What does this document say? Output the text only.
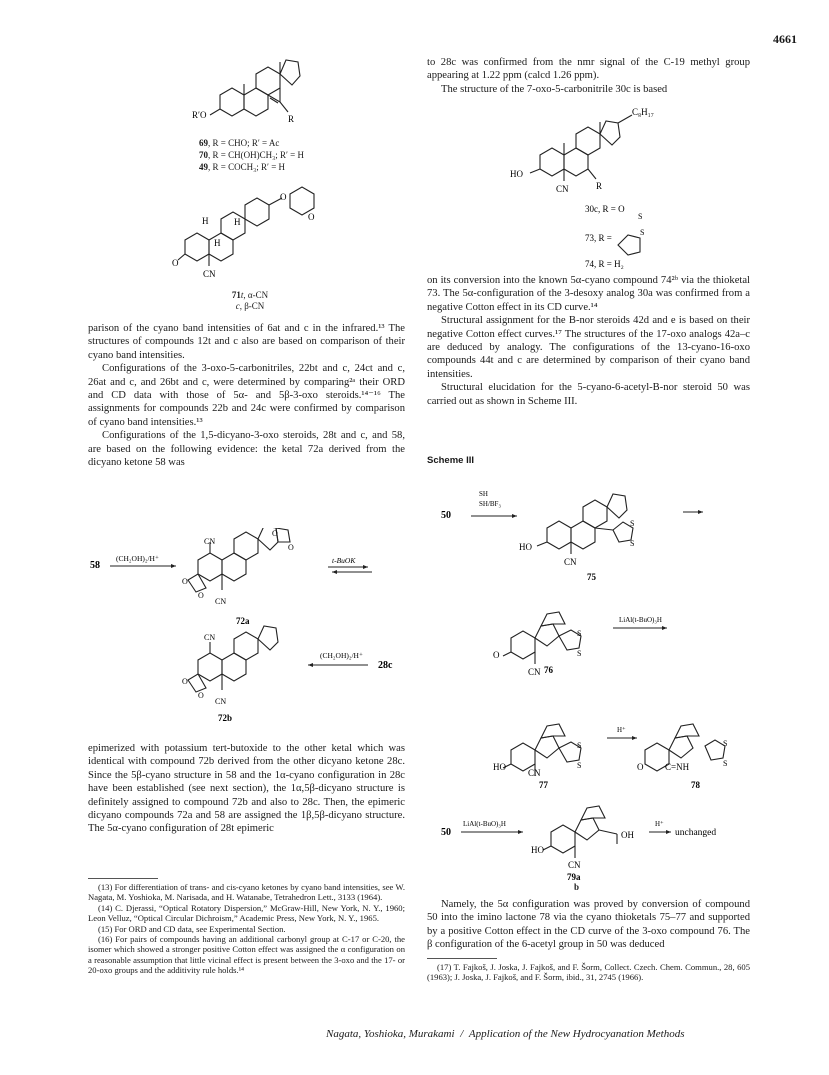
4661
R′O	R
69, R = CHO; R′ = Ac
70, R = CH(OH)CH₃; R′ = H
49, R = COCH₃; R′ = H
H	H
H
O
O
O
CN
71t, α-CN
c, β-CN

parison of the cyano band intensities of 6at and c in the infrared.¹³ The structures of compounds 12t and c also are based on comparison of their cyano band intensities.

Configurations of the 3-oxo-5-carbonitriles, 22bt and c, 24ct and c, 26at and c, and 26bt and c, were determined by comparing²ᵃ their ORD and CD data with those of 5α- and 5β-3-oxo steroids.¹⁴⁻¹⁶ The assignments for compounds 22b and 24c were confirmed by comparison of cyano band intensities.¹³

Configurations of the 1,5-dicyano-3-oxo steroids, 28t and c, and 58, are based on the following evidence: the ketal 72a derived from the dicyano ketone 58 was

58
(CH₂OH)₂/H⁺
CN
CN
O
O
O
O
72a
t-BuOK
CN
CN
O
O
72b
(CH₂OH)₂/H⁺
28c

epimerized with potassium tert-butoxide to the other ketal which was identical with compound 72b derived from the other dicyano ketone 28c. Since the 5β-cyano structure in 58 and the 1α-cyano configuration in 28c have been established (see next section), the 1α,5β-dicyano structure is definitely assigned to compound 72b and also to 28c. Then, the epimeric dicyano compounds 72a and 58 are assigned the 1β,5β-dicyano structure. The 5α-cyano configuration of 28t epimeric

(13) For differentiation of trans- and cis-cyano ketones by cyano band intensities, see W. Nagata, M. Yoshioka, M. Narisada, and H. Watanabe, Tetrahedron Lett., 3133 (1964).

(14) C. Djerassi, “Optical Rotatory Dispersion,” McGraw-Hill, New York, N. Y., 1960; Leon Velluz, “Optical Circular Dichroism,” Academic Press, New York, N. Y., 1965.

(15) For ORD and CD data, see Experimental Section.

(16) For pairs of compounds having an additional carbonyl group at C-17 or C-20, the isomer which showed a stronger positive Cotton effect was assigned the α configuration on a reasonable assumption that little vicinal effect is present between the 3-oxo and the 17- or 20-oxo groups and the additivity rule holds.¹⁴

to 28c was confirmed from the nmr signal of the C-19 methyl group appearing at 1.22 ppm (calcd 1.26 ppm).

The structure of the 7-oxo-5-carbonitrile 30c is based

C₈H₁₇
HO
CN	R
S
S
30c, R = O
73, R =
74, R = H₂

on its conversion into the known 5α-cyano compound 74²ᵇ via the thioketal 73. The 5α-configuration of the 3-desoxy analog 30a was confirmed from a negative Cotton effect in its CD curve.¹⁴

Structural assignment for the B-nor steroids 42d and e is based on their negative Cotton effect curves.¹⁷ The structures of the 17-oxo analogs 42a–c are deduced by analogy. The configurations of the 13-cyano-16-oxo compounds 44t and c are determined by comparison of their cyano band intensities.

Structural elucidation for the 5-cyano-6-acetyl-B-nor steroid 50 was carried out as shown in Scheme III.

Scheme III
50
SH
SH/BF₃
HO
CN
S
S
75
O
CN
S
S
76
LiAl(t-BuO)₃H
HO
CN
S
S
77
H⁺
O C=NH
S
S
78
50
LiAl(t-BuO)₃H
HO
OH
CN
H⁺
unchanged
79a
b

Namely, the 5α configuration was proved by conversion of compound 50 into the imino lactone 78 via the cyano thioketals 75–77 and supported by a positive Cotton effect in the CD curve of the 3-oxo compound 76. The β configuration of the 6-acetyl group in 50 was deduced

(17) T. Fajkoš, J. Joska, J. Fajkoš, and F. Šorm, Collect. Czech. Chem. Commun., 28, 605 (1963); J. Joska, J. Fajkoš, and F. Šorm, ibid., 31, 2745 (1966).

Nagata, Yoshioka, Murakami / Application of the New Hydrocyanation Methods
